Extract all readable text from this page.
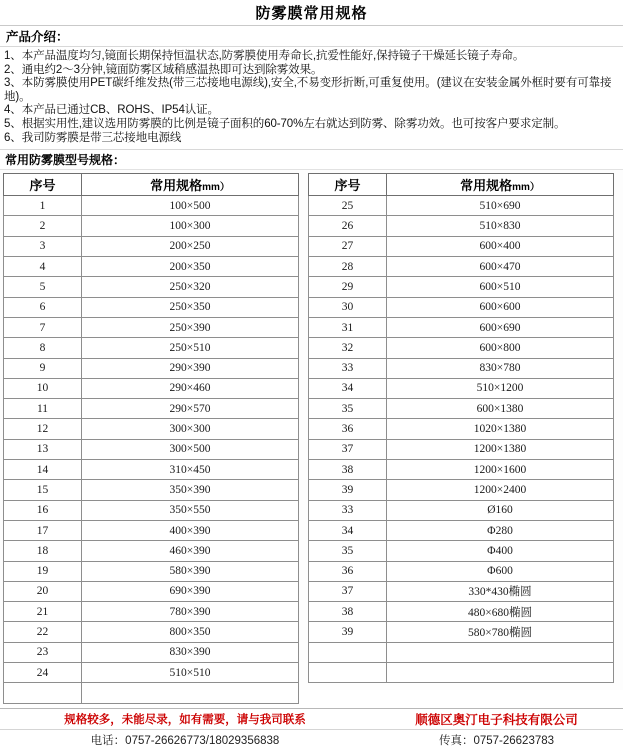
防雾膜常用规格
产品介绍：
1、本产品温度均匀,镜面长期保持恒温状态,防雾膜使用寿命长,抗爱性能好,保持镜子干燥延长镜子寿命。
2、通电约2～3分钟,镜面防雾区域稍感温热即可达到除雾效果。
3、本防雾膜使用PET碳纤维发热(带三芯接地电源线),安全,不易变形折断,可重复使用。(建议在安装金属外框时要有可靠接地)。
4、本产品已通过CB、ROHS、IP54认证。
5、根据实用性,建议选用防雾膜的比例是镜子面积的60-70%左右就达到防雾、除雾功效。也可按客户要求定制。
6、我司防雾膜是带三芯接地电源线
常用防雾膜型号规格：
序号	常用规格mm）
1	100×500
2	100×300
3	200×250
4	200×350
5	250×320
6	250×350
7	250×390
8	250×510
9	290×390
10	290×460
11	290×570
12	300×300
13	300×500
14	310×450
15	350×390
16	350×550
17	400×390
18	460×390
19	580×390
20	690×390
21	780×390
22	800×350
23	830×390
24	510×510

序号	常用规格mm）
25	510×690
26	510×830
27	600×400
28	600×470
29	600×510
30	600×600
31	600×690
32	600×800
33	830×780
34	510×1200
35	600×1380
36	1020×1380
37	1200×1380
38	1200×1600
39	1200×2400
33	Ø160
34	Φ280
35	Φ400
36	Φ600
37	330*430椭圆
38	480×680椭圆
39	580×780椭圆

规格较多，未能尽录，如有需要，请与我司联系	顺德区奥汀电子科技有限公司
电话：0757-26626773/18029356838	传真：0757-26623783
